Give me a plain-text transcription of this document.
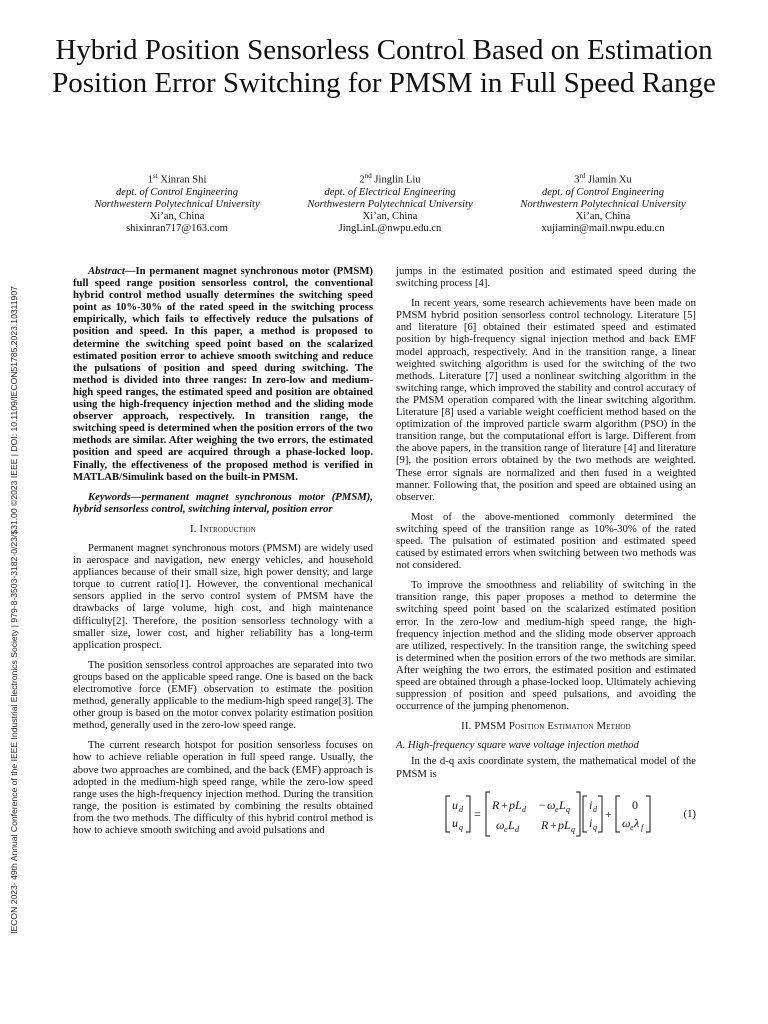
IECON 2023- 49th Annual Conference of the IEEE Industrial Electronics Society | 979-8-3503-3182-0/23/$31.00 ©2023 IEEE | DOI: 10.1109/IECON51785.2023.10311907
Hybrid Position Sensorless Control Based on Estimation Position Error Switching for PMSM in Full Speed Range
1st Xinran Shi
dept. of Control Engineering
Northwestern Polytechnical University
Xi’an, China
shixinran717@163.com
2nd Jinglin Liu
dept. of Electrical Engineering
Northwestern Polytechnical University
Xi’an, China
JingLinL@nwpu.edu.cn
3rd Jiamin Xu
dept. of Control Engineering
Northwestern Polytechnical University
Xi’an, China
xujiamin@mail.nwpu.edu.cn

Abstract—In permanent magnet synchronous motor (PMSM) full speed range position sensorless control, the conventional hybrid control method usually determines the switching speed point as 10%-30% of the rated speed in the switching process empirically, which fails to effectively reduce the pulsations of position and speed. In this paper, a method is proposed to determine the switching speed point based on the scalarized estimated position error to achieve smooth switching and reduce the pulsations of position and speed during switching. The method is divided into three ranges: In zero-low and medium-high speed ranges, the estimated speed and position are obtained using the high-frequency injection method and the sliding mode observer approach, respectively. In transition range, the switching speed is determined when the position errors of the two methods are similar. After weighing the two errors, the estimated position and speed are acquired through a phase-locked loop. Finally, the effectiveness of the proposed method is verified in MATLAB/Simulink based on the built-in PMSM.

Keywords—permanent magnet synchronous motor (PMSM), hybrid sensorless control, switching interval, position error

I. Introduction

Permanent magnet synchronous motors (PMSM) are widely used in aerospace and navigation, new energy vehicles, and household appliances because of their small size, high power density, and large torque to current ratio[1]. However, the conventional mechanical sensors applied in the servo control system of PMSM have the drawbacks of large volume, high cost, and high maintenance difficulty[2]. Therefore, the position sensorless technology with a smaller size, lower cost, and higher reliability has a long-term application prospect.

The position sensorless control approaches are separated into two groups based on the applicable speed range. One is based on the back electromotive force (EMF) observation to estimate the position method, generally applicable to the medium-high speed range[3]. The other group is based on the motor convex polarity estimation position method, generally used in the zero-low speed range.

The current research hotspot for position sensorless focuses on how to achieve reliable operation in full speed range. Usually, the above two approaches are combined, and the back (EMF) approach is adopted in the medium-high speed range, while the zero-low speed range uses the high-frequency injection method. During the transition range, the position is estimated by combining the results obtained from the two methods. The difficulty of this hybrid control method is how to achieve smooth switching and avoid pulsations and

jumps in the estimated position and estimated speed during the switching process [4].

In recent years, some research achievements have been made on PMSM hybrid position sensorless control technology. Literature [5] and literature [6] obtained their estimated speed and estimated position by high-frequency signal injection method and back EMF model approach, respectively. And in the transition range, a linear weighted switching algorithm is used for the switching of the two methods. Literature [7] used a nonlinear switching algorithm in the switching range, which improved the stability and control accuracy of the PMSM operation compared with the linear switching algorithm. Literature [8] used a variable weight coefficient method based on the optimization of the improved particle swarm algorithm (PSO) in the transition range, but the computational effort is large. Different from the above papers, in the transition range of literature [4] and literature [9], the position errors obtained by the two methods are weighted. These error signals are normalized and then fused in a weighted manner. Following that, the position and speed are obtained using an observer.

Most of the above-mentioned commonly determined the switching speed of the transition range as 10%-30% of the rated speed. The pulsation of estimated position and estimated speed caused by estimated errors when switching between two methods was not considered.

To improve the smoothness and reliability of switching in the transition range, this paper proposes a method to determine the switching speed point based on the scalarized estimated position error. In the zero-low and medium-high speed range, the high-frequency injection method and the sliding mode observer approach are utilized, respectively. In the transition range, the switching speed is determined when the position errors of the two methods are similar. After weighing the two errors, the estimated position and estimated speed are obtained through a phase-locked loop. Ultimately achieving suppression of position and speed pulsations, and avoiding the occurrence of the jumping phenomenon.

II. PMSM Position Estimation Method
A. High-frequency square wave voltage injection method

In the d-q axis coordinate system, the mathematical model of the PMSM is

u d
u q
=
R + pL d − ω e L q
ω e L d R + pL q
i d
i q
+
0
ω e λ f
(1)
